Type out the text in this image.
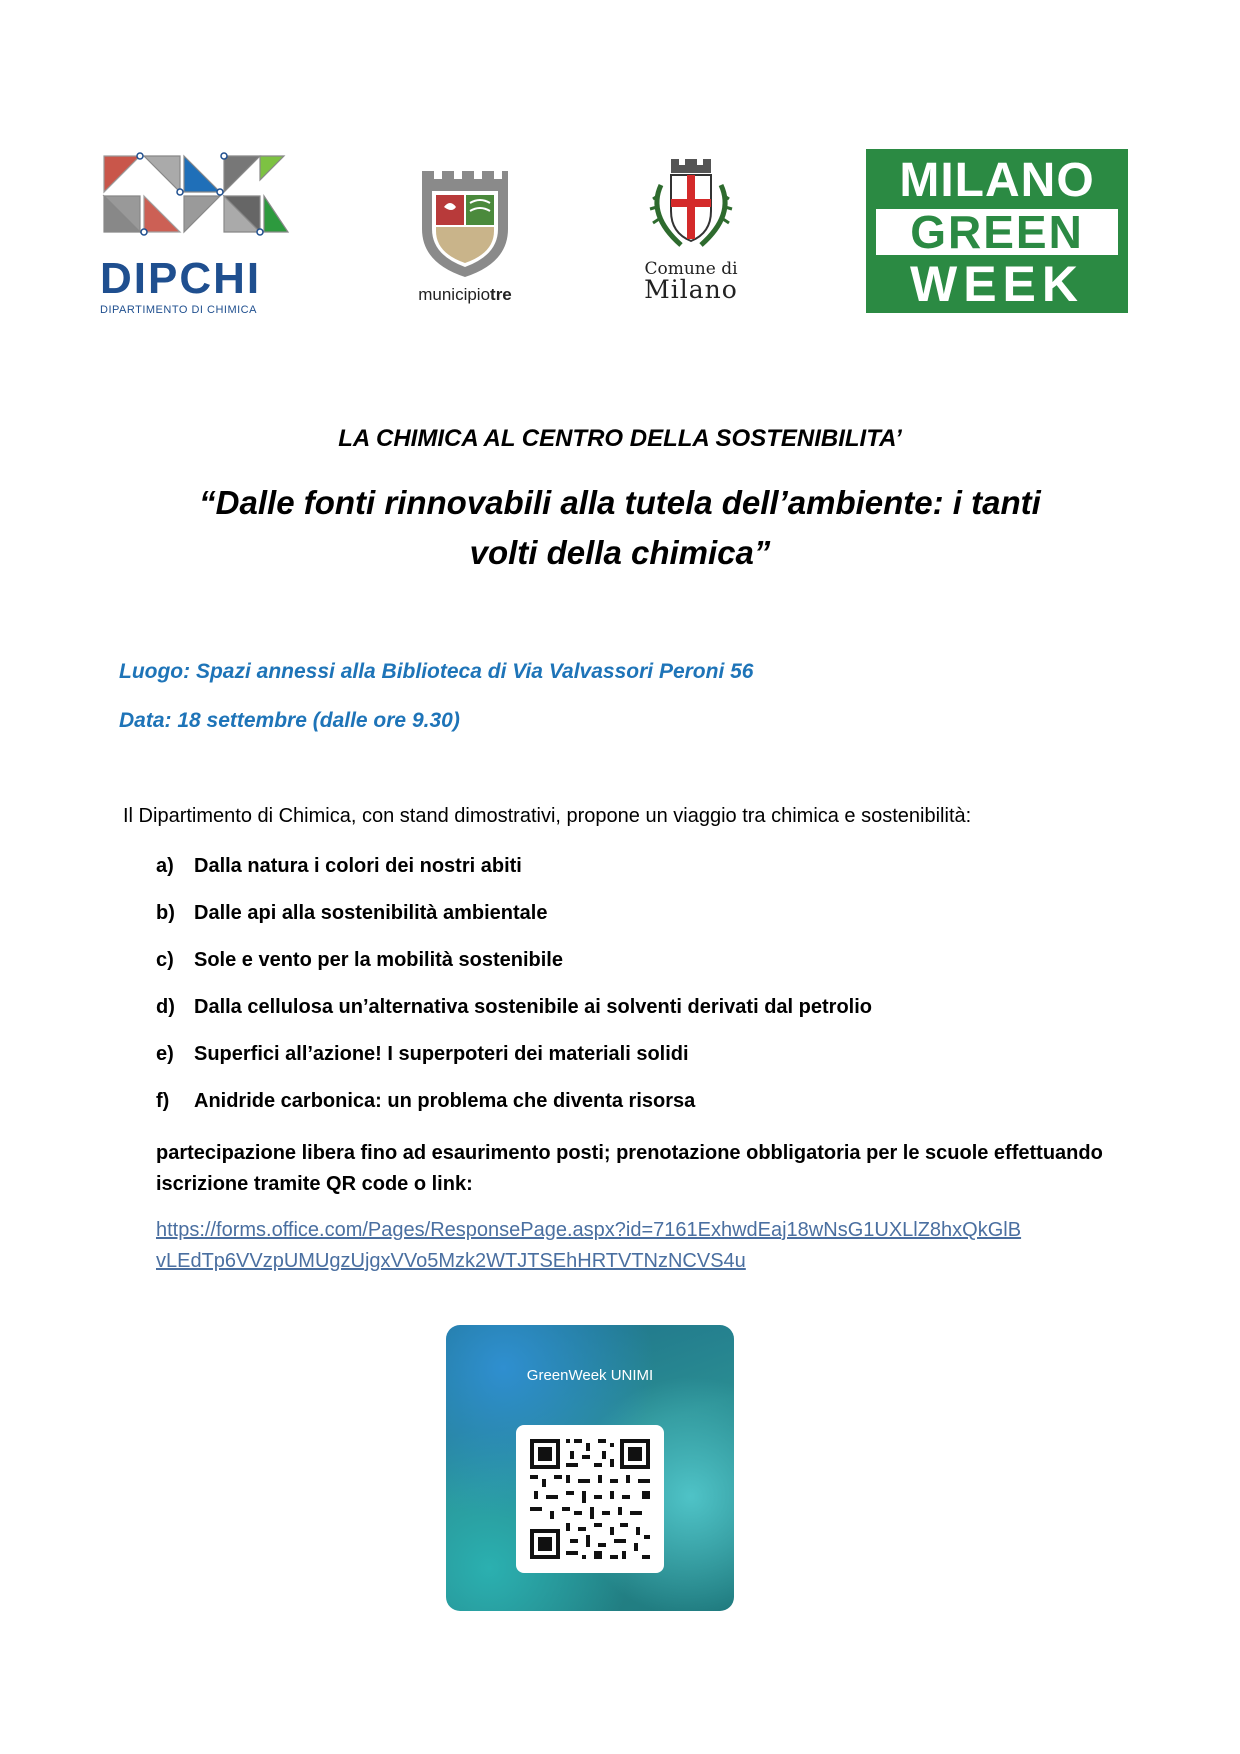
DIPCHI
DIPARTIMENTO DI CHIMICA
municipiotre
Comune di
Milano
MILANO
GREEN
WEEK
LA CHIMICA AL CENTRO DELLA SOSTENIBILITA’
“Dalle fonti rinnovabili alla tutela dell’ambiente: i tanti
volti della chimica”
Luogo: Spazi annessi alla Biblioteca di Via Valvassori Peroni 56
Data: 18 settembre (dalle ore 9.30)
Il Dipartimento di Chimica, con stand dimostrativi, propone un viaggio tra chimica e sostenibilità:
a) Dalla natura i colori dei nostri abiti
b) Dalle api alla sostenibilità ambientale
c) Sole e vento per la mobilità sostenibile
d) Dalla cellulosa un’alternativa sostenibile ai solventi derivati dal petrolio
e) Superfici all’azione! I superpoteri dei materiali solidi
f) Anidride carbonica: un problema che diventa risorsa
partecipazione libera fino ad esaurimento posti; prenotazione obbligatoria per le scuole effettuando iscrizione tramite QR code o link:
https://forms.office.com/Pages/ResponsePage.aspx?id=7161ExhwdEaj18wNsG1UXLlZ8hxQkGlB
vLEdTp6VVzpUMUgzUjgxVVo5Mzk2WTJTSEhHRTVTNzNCVS4u
GreenWeek UNIMI
